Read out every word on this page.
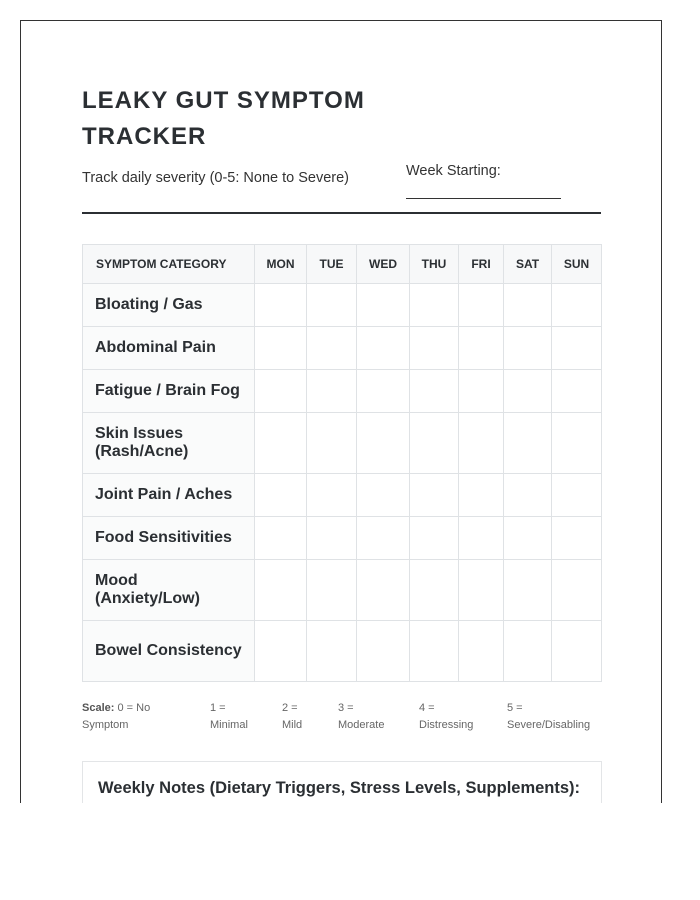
LEAKY GUT SYMPTOM TRACKER
Track daily severity (0-5: None to Severe)	Week Starting:
SYMPTOM CATEGORY	MON	TUE	WED	THU	FRI	SAT	SUN
Bloating / Gas							
Abdominal Pain							
Fatigue / Brain Fog							
Skin Issues (Rash/Acne)							
Joint Pain / Aches							
Food Sensitivities							
Mood (Anxiety/Low)							
Bowel Consistency							
Scale: 0 = No
Symptom
1 =
Minimal
2 =
Mild
3 =
Moderate
4 =
Distressing
5 =
Severe/Disabling
Weekly Notes (Dietary Triggers, Stress Levels, Supplements):
